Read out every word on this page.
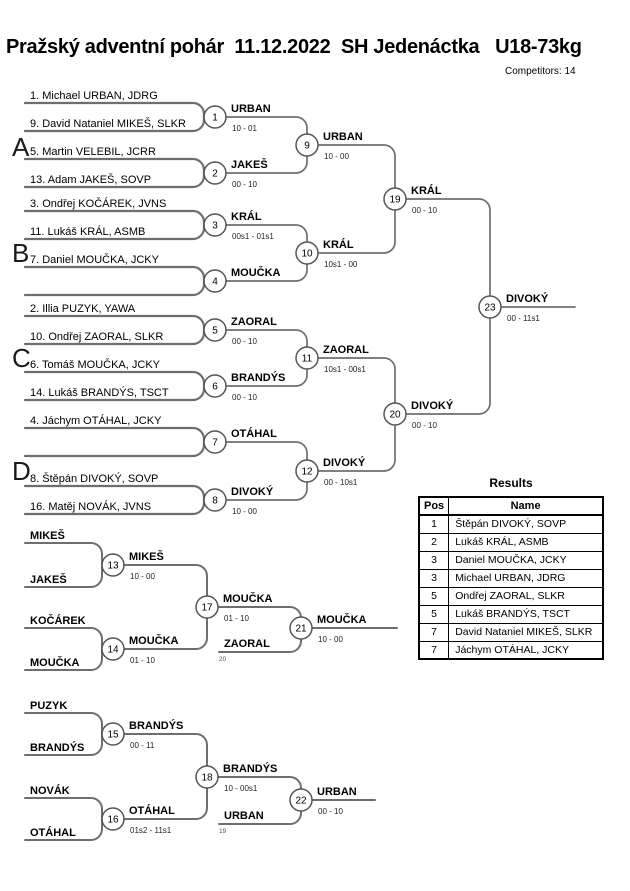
Pražský adventní pohár  11.12.2022  SH Jedenáctka   U18-73kg
Competitors: 14
A
B
C
D
1. Michael URBAN, JDRG
9. David Nataniel MIKEŠ, SLKR
5. Martin VELEBIL, JCRR
13. Adam JAKEŠ, SOVP
3. Ondřej KOČÁREK, JVNS
11. Lukáš KRÁL, ASMB
7. Daniel MOUČKA, JCKY
2. Illia PUZYK, YAWA
10. Ondřej ZAORAL, SLKR
6. Tomáš MOUČKA, JCKY
14. Lukáš BRANDÝS, TSCT
4. Jáchym OTÁHAL, JCKY
8. Štěpán DIVOKÝ, SOVP
16. Matěj NOVÁK, JVNS
MIKEŠ
JAKEŠ
KOČÁREK
MOUČKA
PUZYK
BRANDÝS
NOVÁK
OTÁHAL
ZAORAL
20
URBAN
19
URBAN
10 - 01
JAKEŠ
00 - 10
KRÁL
00s1 - 01s1
MOUČKA
ZAORAL
00 - 10
BRANDÝS
00 - 10
OTÁHAL
DIVOKÝ
10 - 00
URBAN
10 - 00
KRÁL
10s1 - 00
ZAORAL
10s1 - 00s1
DIVOKÝ
00 - 10s1
KRÁL
00 - 10
DIVOKÝ
00 - 10
DIVOKÝ
00 - 11s1
MIKEŠ
10 - 00
MOUČKA
01 - 10
MOUČKA
01 - 10	MOUČKA
10 - 00
BRANDÝS
00 - 11
OTÁHAL
01s2 - 11s1
BRANDÝS
10 - 00s1	URBAN
00 - 10
1
2
3
4
5
6
7
8
9
10
11
12
19
20
23
13
14
17
21
15
16
18
22
Results
Pos	Name
1	Štěpán DIVOKÝ, SOVP
2	Lukáš KRÁL, ASMB
3	Daniel MOUČKA, JCKY
3	Michael URBAN, JDRG
5	Ondřej ZAORAL, SLKR
5	Lukáš BRANDÝS, TSCT
7	David Nataniel MIKEŠ, SLKR
7	Jáchym OTÁHAL, JCKY
